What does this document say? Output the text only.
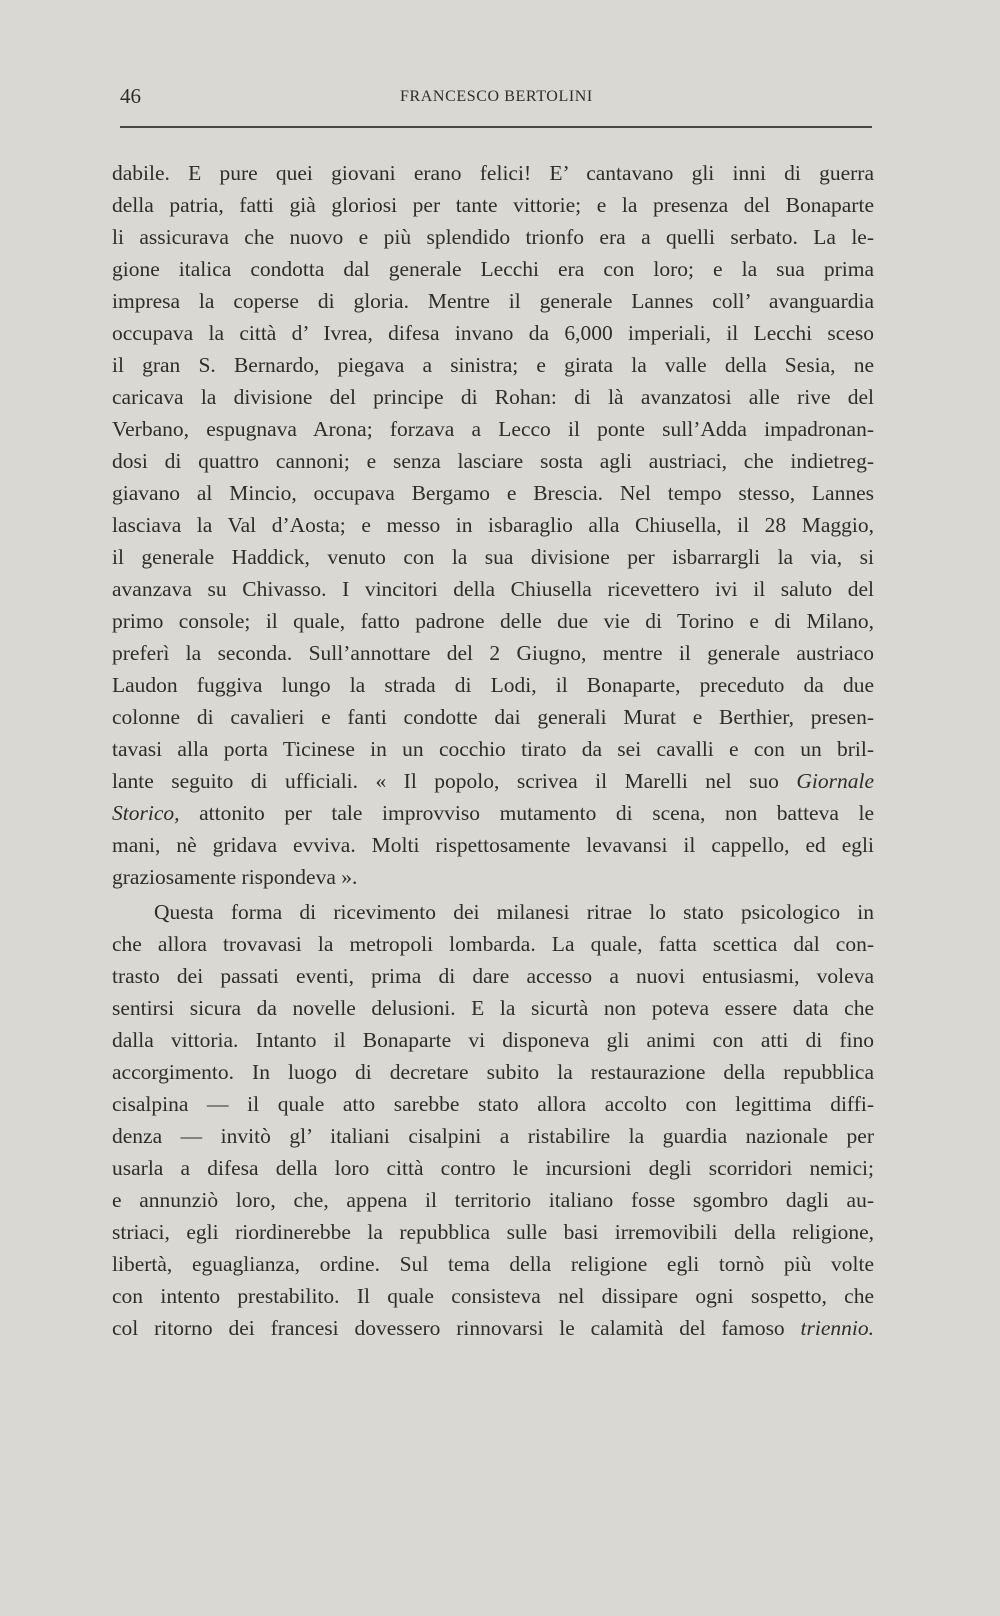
46	FRANCESCO BERTOLINI
dabile. E pure quei giovani erano felici! E’ cantavano gli inni di guerra
della patria, fatti già gloriosi per tante vittorie; e la presenza del Bonaparte
li assicurava che nuovo e più splendido trionfo era a quelli serbato. La le-
gione italica condotta dal generale Lecchi era con loro; e la sua prima
impresa la coperse di gloria. Mentre il generale Lannes coll’ avanguardia
occupava la città d’ Ivrea, difesa invano da 6,000 imperiali, il Lecchi sceso
il gran S. Bernardo, piegava a sinistra; e girata la valle della Sesia, ne
caricava la divisione del principe di Rohan: di là avanzatosi alle rive del
Verbano, espugnava Arona; forzava a Lecco il ponte sull’Adda impadronan-
dosi di quattro cannoni; e senza lasciare sosta agli austriaci, che indietreg-
giavano al Mincio, occupava Bergamo e Brescia. Nel tempo stesso, Lannes
lasciava la Val d’Aosta; e messo in isbaraglio alla Chiusella, il 28 Maggio,
il generale Haddick, venuto con la sua divisione per isbarrargli la via, si
avanzava su Chivasso. I vincitori della Chiusella ricevettero ivi il saluto del
primo console; il quale, fatto padrone delle due vie di Torino e di Milano,
preferì la seconda. Sull’annottare del 2 Giugno, mentre il generale austriaco
Laudon fuggiva lungo la strada di Lodi, il Bonaparte, preceduto da due
colonne di cavalieri e fanti condotte dai generali Murat e Berthier, presen-
tavasi alla porta Ticinese in un cocchio tirato da sei cavalli e con un bril-
lante seguito di ufficiali. « Il popolo, scrivea il Marelli nel suo Giornale
Storico, attonito per tale improvviso mutamento di scena, non batteva le
mani, nè gridava evviva. Molti rispettosamente levavansi il cappello, ed egli
graziosamente rispondeva ».
Questa forma di ricevimento dei milanesi ritrae lo stato psicologico in
che allora trovavasi la metropoli lombarda. La quale, fatta scettica dal con-
trasto dei passati eventi, prima di dare accesso a nuovi entusiasmi, voleva
sentirsi sicura da novelle delusioni. E la sicurtà non poteva essere data che
dalla vittoria. Intanto il Bonaparte vi disponeva gli animi con atti di fino
accorgimento. In luogo di decretare subito la restaurazione della repubblica
cisalpina — il quale atto sarebbe stato allora accolto con legittima diffi-
denza — invitò gl’ italiani cisalpini a ristabilire la guardia nazionale per
usarla a difesa della loro città contro le incursioni degli scorridori nemici;
e annunziò loro, che, appena il territorio italiano fosse sgombro dagli au-
striaci, egli riordinerebbe la repubblica sulle basi irremovibili della religione,
libertà, eguaglianza, ordine. Sul tema della religione egli tornò più volte
con intento prestabilito. Il quale consisteva nel dissipare ogni sospetto, che
col ritorno dei francesi dovessero rinnovarsi le calamità del famoso triennio.
